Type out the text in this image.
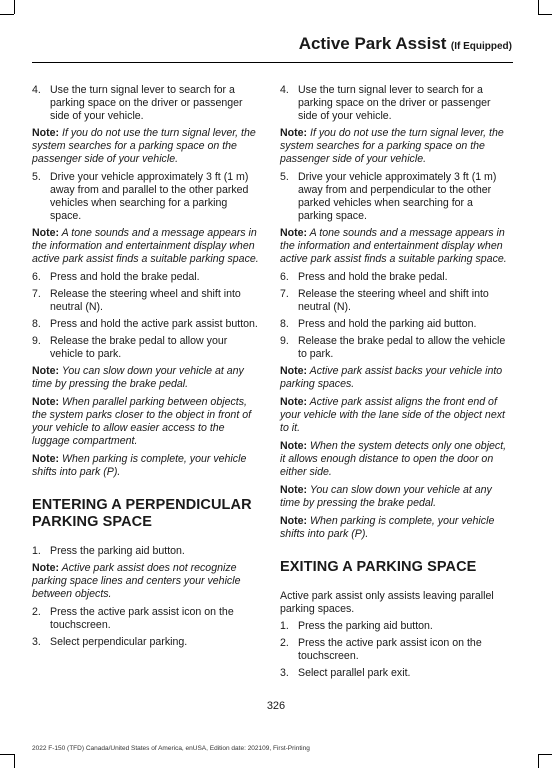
Active Park Assist (If Equipped)
4. Use the turn signal lever to search for a parking space on the driver or passenger side of your vehicle.

Note: If you do not use the turn signal lever, the system searches for a parking space on the passenger side of your vehicle.

5. Drive your vehicle approximately 3 ft (1 m) away from and parallel to the other parked vehicles when searching for a parking space.

Note: A tone sounds and a message appears in the information and entertainment display when active park assist finds a suitable parking space.

6. Press and hold the brake pedal.
7. Release the steering wheel and shift into neutral (N).
8. Press and hold the active park assist button.
9. Release the brake pedal to allow your vehicle to park.

Note: You can slow down your vehicle at any time by pressing the brake pedal.

Note: When parallel parking between objects, the system parks closer to the object in front of your vehicle to allow easier access to the luggage compartment.

Note: When parking is complete, your vehicle shifts into park (P).

ENTERING A PERPENDICULAR PARKING SPACE
1. Press the parking aid button.

Note: Active park assist does not recognize parking space lines and centers your vehicle between objects.

2. Press the active park assist icon on the touchscreen.
3. Select perpendicular parking.
4. Use the turn signal lever to search for a parking space on the driver or passenger side of your vehicle.

Note: If you do not use the turn signal lever, the system searches for a parking space on the passenger side of your vehicle.

5. Drive your vehicle approximately 3 ft (1 m) away from and perpendicular to the other parked vehicles when searching for a parking space.

Note: A tone sounds and a message appears in the information and entertainment display when active park assist finds a suitable parking space.

6. Press and hold the brake pedal.
7. Release the steering wheel and shift into neutral (N).
8. Press and hold the parking aid button.
9. Release the brake pedal to allow the vehicle to park.

Note: Active park assist backs your vehicle into parking spaces.

Note: Active park assist aligns the front end of your vehicle with the lane side of the object next to it.

Note: When the system detects only one object, it allows enough distance to open the door on either side.

Note: You can slow down your vehicle at any time by pressing the brake pedal.

Note: When parking is complete, your vehicle shifts into park (P).

EXITING A PARKING SPACE

Active park assist only assists leaving parallel parking spaces.

1. Press the parking aid button.
2. Press the active park assist icon on the touchscreen.
3. Select parallel park exit.
326
2022 F-150 (TFD) Canada/United States of America, enUSA, Edition date: 202109, First-Printing
